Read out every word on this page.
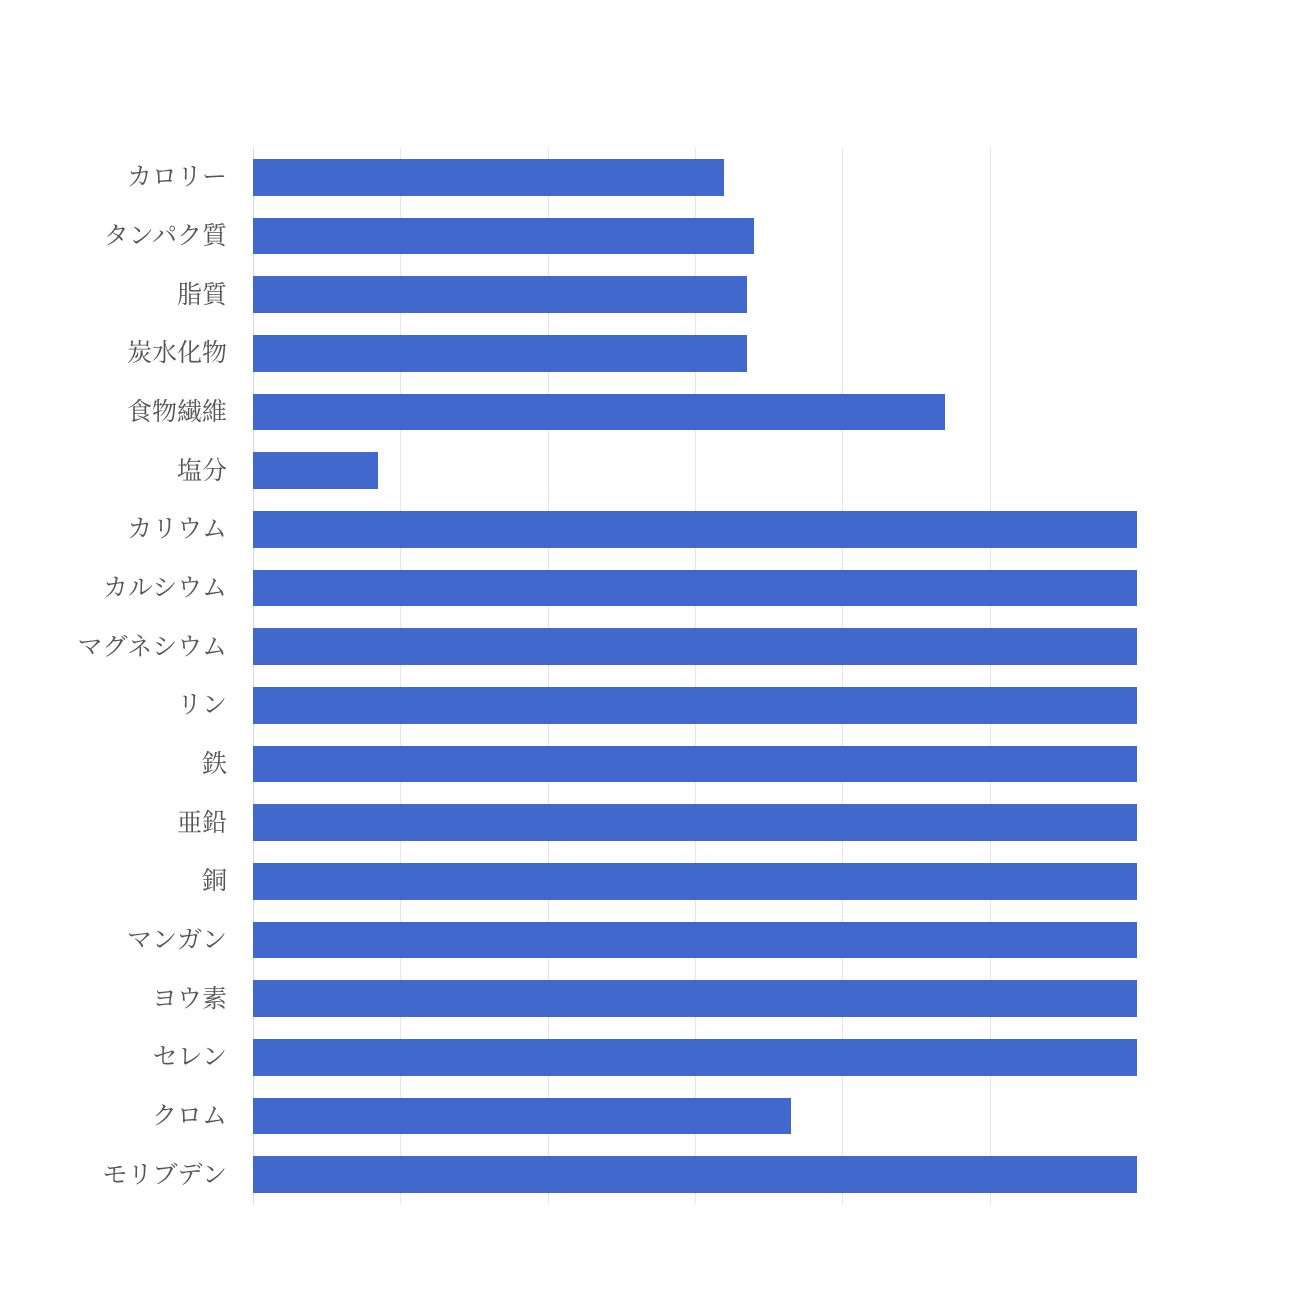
カロリー
タンパク質
脂質
炭水化物
食物繊維
塩分
カリウム
カルシウム
マグネシウム
リン
鉄
亜鉛
銅
マンガン
ヨウ素
セレン
クロム
モリブデン
